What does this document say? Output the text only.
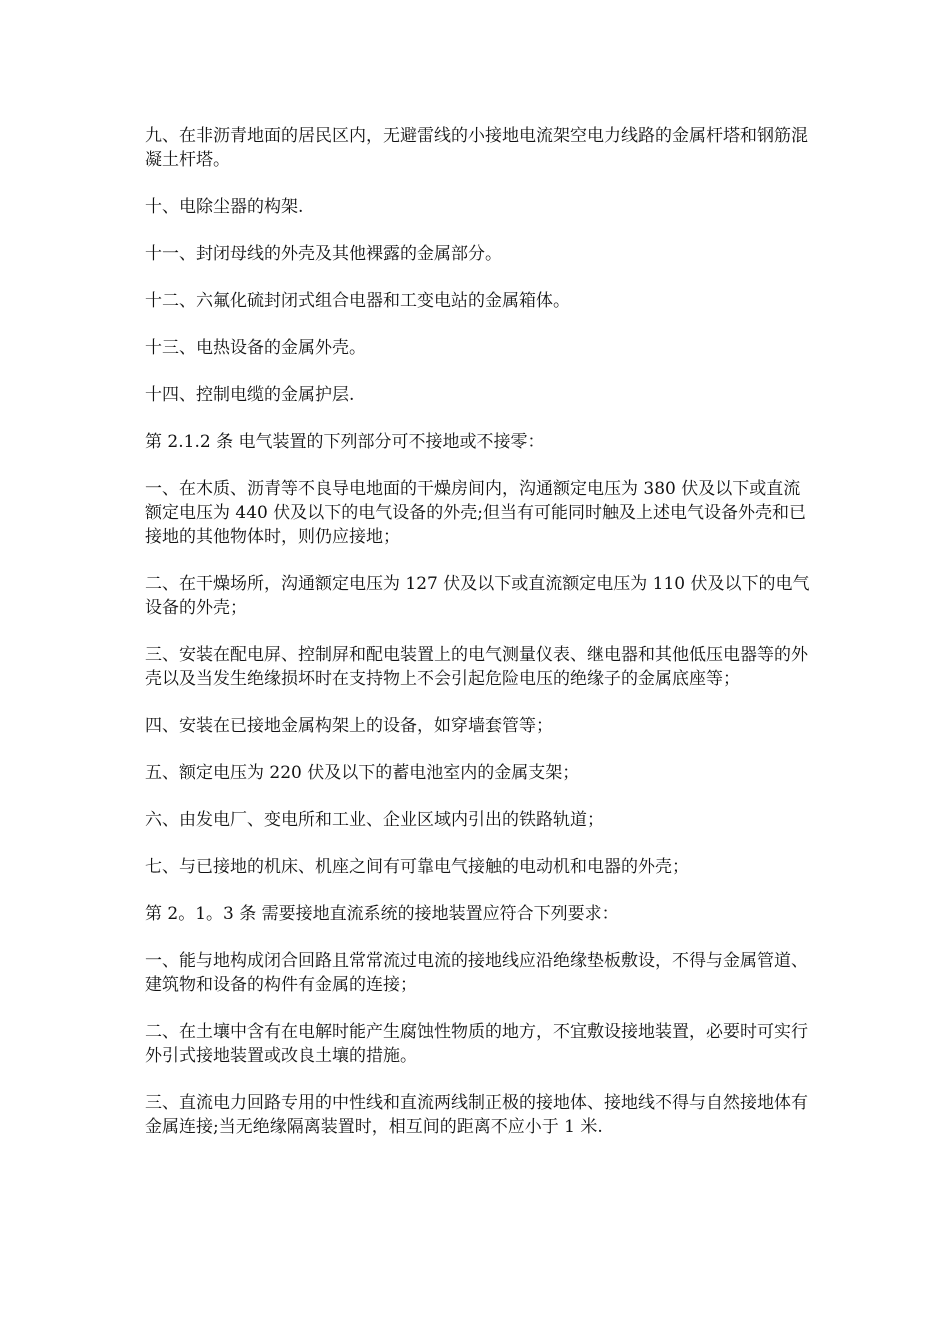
九、在非沥青地面的居民区内，无避雷线的小接地电流架空电力线路的金属杆塔和钢筋混凝土杆塔。

十、电除尘器的构架.

十一、封闭母线的外壳及其他裸露的金属部分。

十二、六氟化硫封闭式组合电器和工变电站的金属箱体。

十三、电热设备的金属外壳。

十四、控制电缆的金属护层.

第 2.1.2 条 电气装置的下列部分可不接地或不接零：

一、在木质、沥青等不良导电地面的干燥房间内，沟通额定电压为 380 伏及以下或直流额定电压为 440 伏及以下的电气设备的外壳;但当有可能同时触及上述电气设备外壳和已接地的其他物体时，则仍应接地；

二、在干燥场所，沟通额定电压为 127 伏及以下或直流额定电压为 110 伏及以下的电气设备的外壳；

三、安装在配电屏、控制屏和配电装置上的电气测量仪表、继电器和其他低压电器等的外壳以及当发生绝缘损坏时在支持物上不会引起危险电压的绝缘子的金属底座等；

四、安装在已接地金属构架上的设备，如穿墙套管等；

五、额定电压为 220 伏及以下的蓄电池室内的金属支架；

六、由发电厂、变电所和工业、企业区域内引出的铁路轨道；

七、与已接地的机床、机座之间有可靠电气接触的电动机和电器的外壳；

第 2。1。3 条 需要接地直流系统的接地装置应符合下列要求：

一、能与地构成闭合回路且常常流过电流的接地线应沿绝缘垫板敷设，不得与金属管道、建筑物和设备的构件有金属的连接；

二、在土壤中含有在电解时能产生腐蚀性物质的地方，不宜敷设接地装置，必要时可实行外引式接地装置或改良土壤的措施。

三、直流电力回路专用的中性线和直流两线制正极的接地体、接地线不得与自然接地体有金属连接;当无绝缘隔离装置时，相互间的距离不应小于 1 米.
